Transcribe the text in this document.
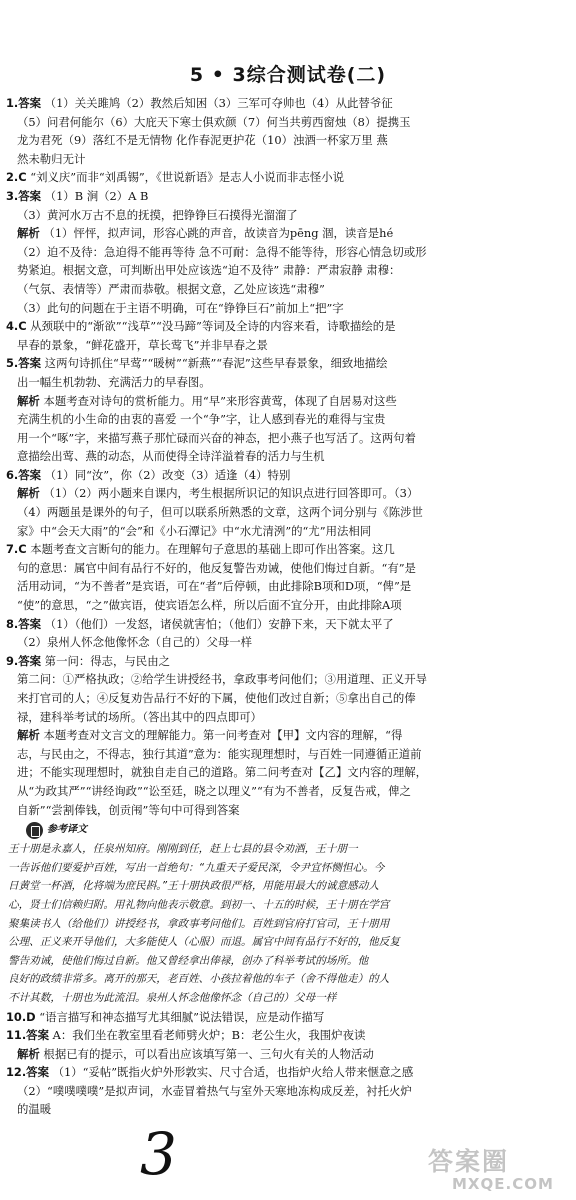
5 • 3综合测试卷(二)

1.答案 （1）关关雎鸠（2）教然后知困（3）三军可夺帅也（4）从此替爷征

（5）问君何能尔（6）大庇天下寒士俱欢颜（7）何当共剪西窗烛（8）提携玉

龙为君死（9）落红不是无情物 化作春泥更护花（10）浊酒一杯家万里 燕

然未勒归无计

2.C “刘义庆”而非“刘禹锡”，《世说新语》是志人小说而非志怪小说

3.答案 （1）B 涧（2）A B

（3）黄河水万古不息的抚摸，把铮铮巨石摸得光溜溜了

解析 （1）怦怦，拟声词，形容心跳的声音，故读音为pēng 涸，读音是hé

（2）迫不及待：急迫得不能再等待 急不可耐：急得不能等待，形容心情急切或形

势紧迫。根据文意，可判断出甲处应该选“迫不及待” 肃静：严肃寂静 肃穆：

（气氛、表情等）严肃而恭敬。根据文意，乙处应该选“肃穆”

（3）此句的问题在于主语不明确，可在“铮铮巨石”前加上“把”字

4.C 从颈联中的“渐欲”“浅草”“没马蹄”等词及全诗的内容来看，诗歌描绘的是

早春的景象，“鲜花盛开，草长莺飞”并非早春之景

5.答案 这两句诗抓住“早莺”“暖树”“新燕”“春泥”这些早春景象，细致地描绘

出一幅生机勃勃、充满活力的早春图。

解析 本题考查对诗句的赏析能力。用“早”来形容黄莺，体现了自居易对这些

充满生机的小生命的由衷的喜爱 一个“争”字，让人感到春光的难得与宝贵

用一个“啄”字，来描写燕子那忙碌而兴奋的神态，把小燕子也写活了。这两句着

意描绘出莺、燕的动态，从而使得全诗洋溢着春的活力与生机

6.答案 （1）同“汝”，你（2）改变（3）适逢（4）特别

解析 （1）（2）两小题来自课内，考生根据所识记的知识点进行回答即可。（3）

（4）两题虽是课外的句子，但可以联系所熟悉的文章，这两个词分别与《陈涉世

家》中“会天大雨”的“会”和《小石潭记》中“水尤清洌”的“尤”用法相同

7.C 本题考查文言断句的能力。在理解句子意思的基础上即可作出答案。这几

句的意思：属官中间有品行不好的，他反复警告劝诫，使他们悔过自新。“有”是

活用动词，“为不善者”是宾语，可在“者”后停顿，由此排除B项和D项，“俾”是

“使”的意思，“之”做宾语，使宾语怎么样，所以后面不宜分开，由此排除A项

8.答案 （1）（他们）一发怒，诸侯就害怕；（他们）安静下来，天下就太平了

（2）泉州人怀念他像怀念（自己的）父母一样

9.答案 第一问：得志，与民由之

第二问：①严格执政；②给学生讲授经书，拿政事考问他们；③用道理、正义开导

来打官司的人；④反复劝告品行不好的下属，使他们改过自新；⑤拿出自己的俸

禄，建科举考试的场所。（答出其中的四点即可）

解析 本题考查对文言文的理解能力。第一问考查对【甲】文内容的理解，“得

志，与民由之，不得志，独行其道”意为：能实现理想时，与百姓一同遵循正道前

进；不能实现理想时，就独自走自己的道路。第二问考查对【乙】文内容的理解，

从“为政其严”“讲经询政”“讼至廷，晓之以理义”“有为不善者，反复告戒，俾之

自新”“尝割俸钱，创贡闱”等句中可得到答案

参考译文

王十朋是永嘉人，任泉州知府。刚刚到任，赶上七县的县令劝酒，王十朋一

一告诉他们要爱护百姓，写出一首绝句：“九重天子爱民深，令尹宜怀恻怛心。今

日黄堂一杯酒，化将端为庶民斟。”王十朋执政很严格，用能用最大的诚意感动人

心，贤士们信赖归附。用礼物向他表示敬意。到初一、十五的时候，王十朋在学宫

聚集读书人（给他们）讲授经书，拿政事考问他们。百姓到官府打官司，王十朋用

公理、正义来开导他们，大多能使人（心服）而退。属官中间有品行不好的，他反复

警告劝诫，使他们悔过自新。他又曾经拿出俸禄，创办了科举考试的场所。他

良好的政绩非常多。离开的那天，老百姓、小孩拉着他的车子（舍不得他走）的人

不计其数，十朋也为此流泪。泉州人怀念他像怀念（自己的）父母一样

10.D “语言描写和神态描写尤其细腻”说法错误，应是动作描写

11.答案 A：我们坐在教室里看老师劈火炉；B：老公生火，我围炉夜读

解析 根据已有的提示，可以看出应该填写第一、三句火有关的人物活动

12.答案 （1）“妥帖”既指火炉外形敦实、尺寸合适，也指炉火给人带来惬意之感

（2）“噗噗噗噗”是拟声词，水壶冒着热气与室外天寒地冻构成反差，衬托火炉

的温暖

3	答案圈
MXQE.COM
